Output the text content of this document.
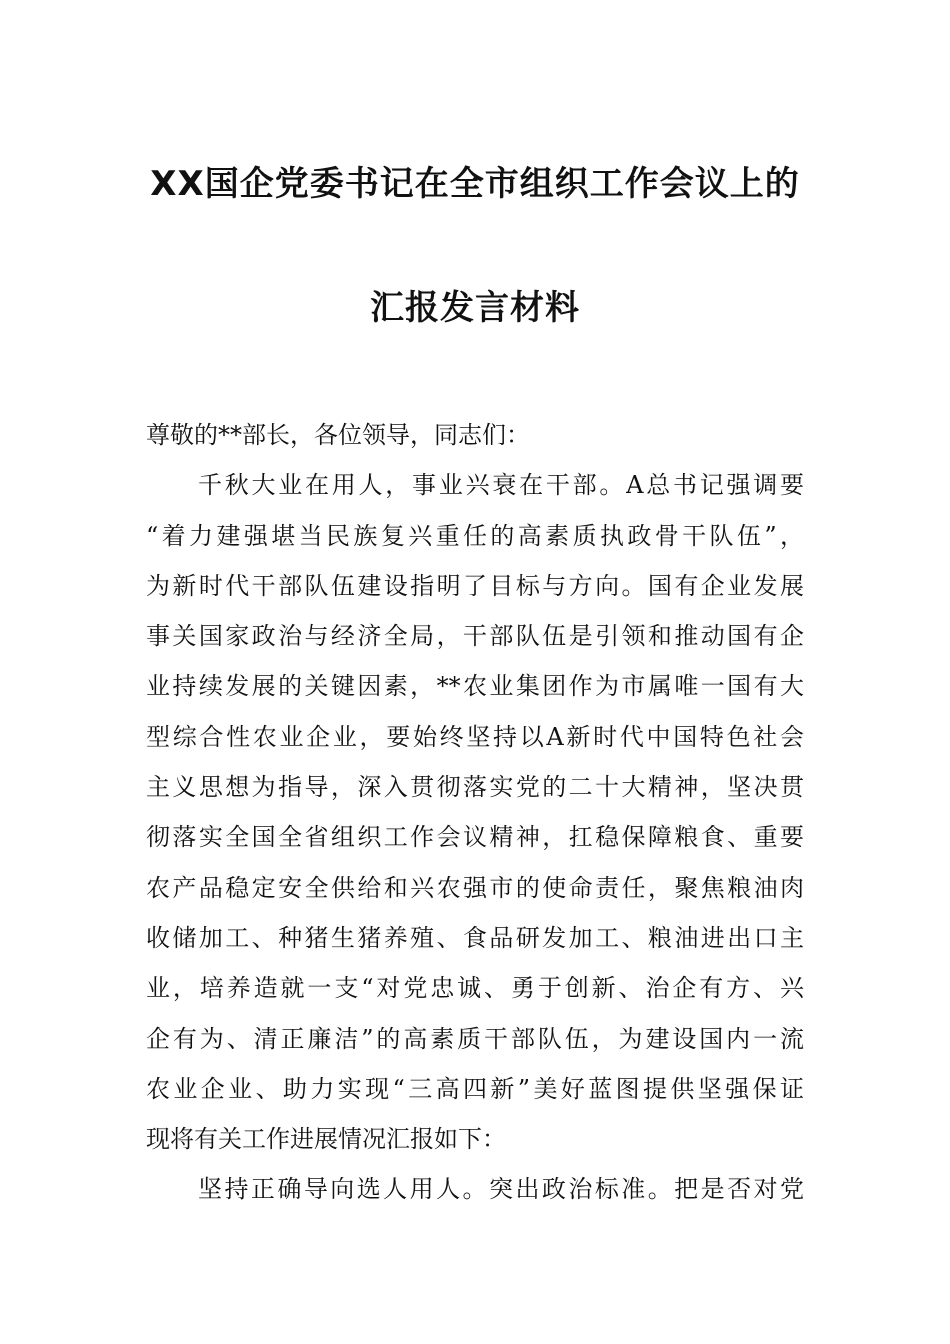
XX国企党委书记在全市组织工作会议上的
汇报发言材料
尊敬的**部长，各位领导，同志们：
千秋大业在用人，事业兴衰在干部。A总书记强调要
“着力建强堪当民族复兴重任的高素质执政骨干队伍”，
为新时代干部队伍建设指明了目标与方向。国有企业发展
事关国家政治与经济全局，干部队伍是引领和推动国有企
业持续发展的关键因素，**农业集团作为市属唯一国有大
型综合性农业企业，要始终坚持以A新时代中国特色社会
主义思想为指导，深入贯彻落实党的二十大精神，坚决贯
彻落实全国全省组织工作会议精神，扛稳保障粮食、重要
农产品稳定安全供给和兴农强市的使命责任，聚焦粮油肉
收储加工、种猪生猪养殖、食品研发加工、粮油进出口主
业，培养造就一支“对党忠诚、勇于创新、治企有方、兴
企有为、清正廉洁”的高素质干部队伍，为建设国内一流
农业企业、助力实现“三高四新”美好蓝图提供坚强保证
现将有关工作进展情况汇报如下：
坚持正确导向选人用人。突出政治标准。把是否对党
